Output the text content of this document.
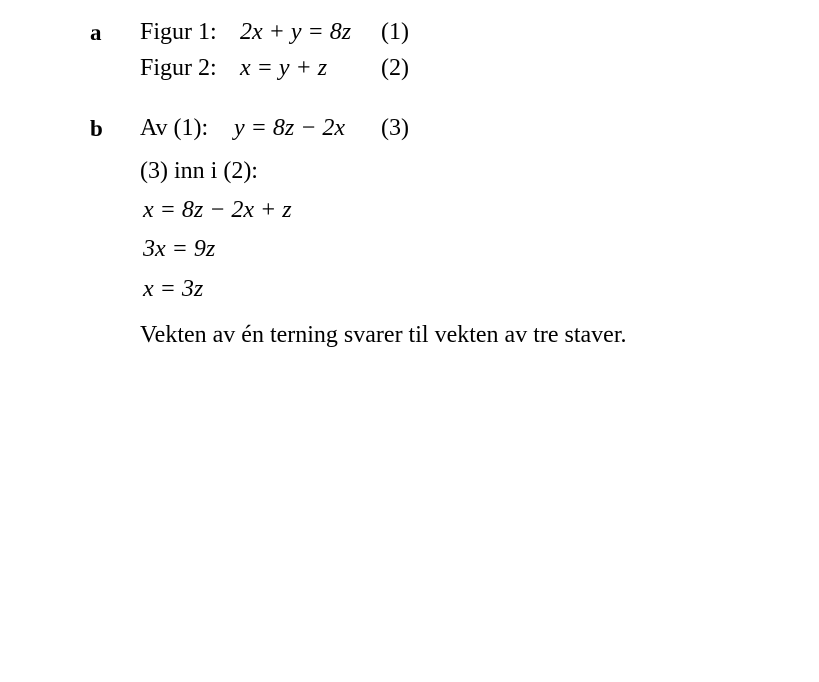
a Figur 1: 2x + y = 8z (1)
Figur 2: x = y + z (2)
b Av (1): y = 8z − 2x (3)
(3) inn i (2):
x = 8z − 2x + z
3x = 9z
x = 3z
Vekten av én terning svarer til vekten av tre staver.
